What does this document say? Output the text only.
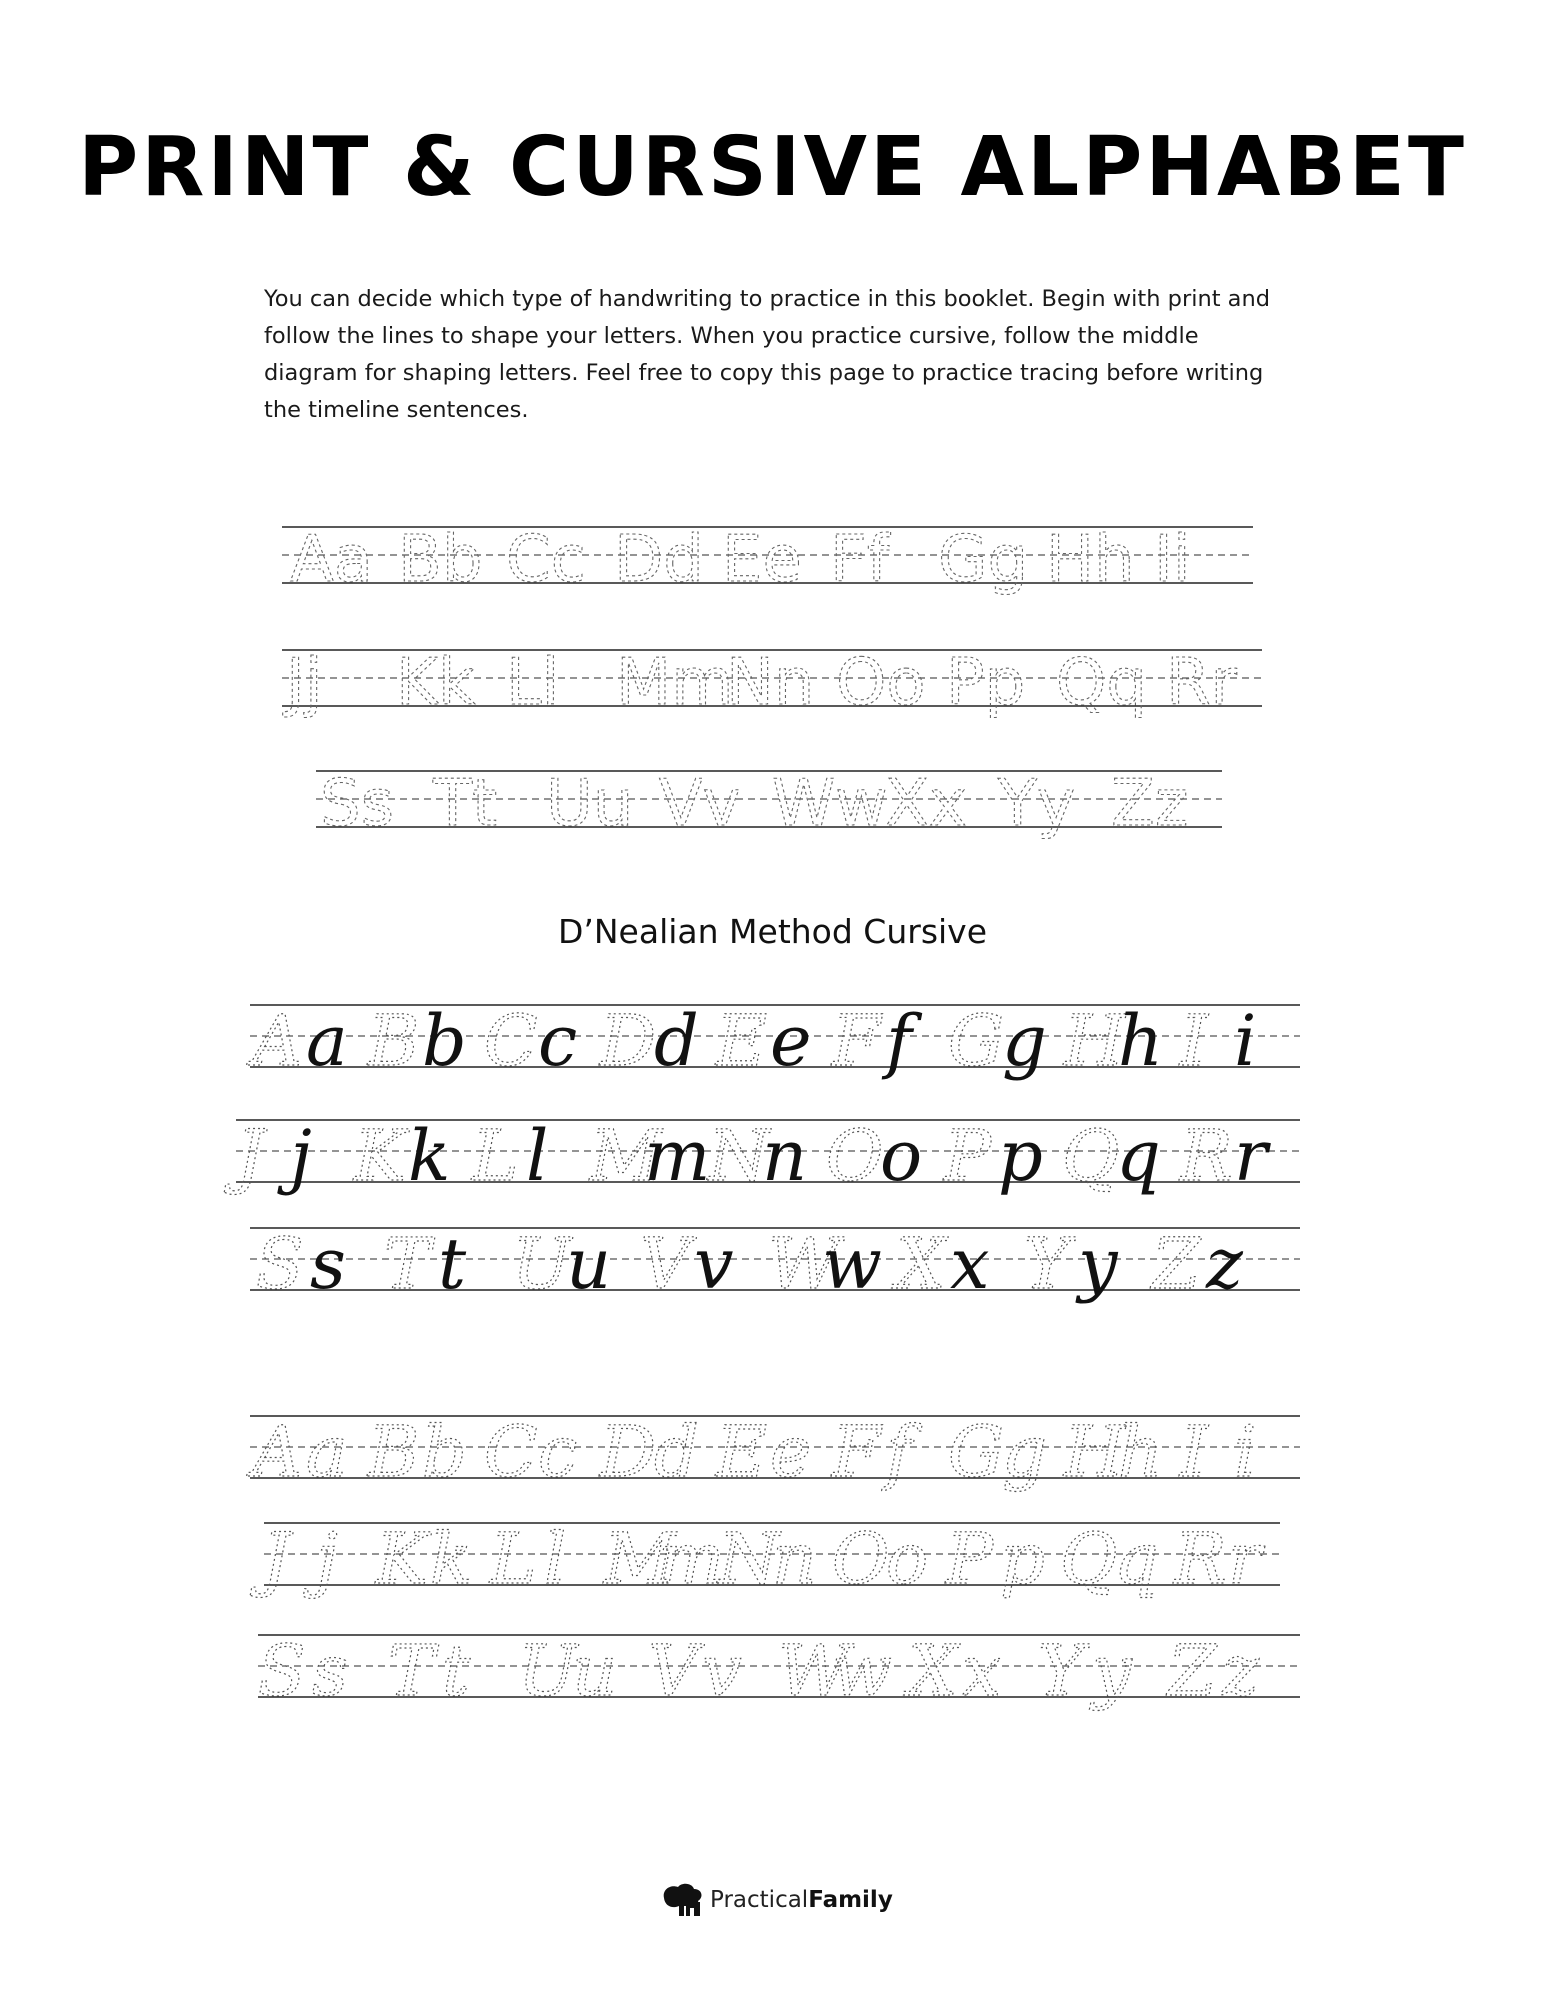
PRINT & CURSIVE ALPHABET
You can decide which type of handwriting to practice in this booklet. Begin with print and follow the lines to shape your letters. When you practice cursive, follow the middle diagram for shaping letters. Feel free to copy this page to practice tracing before writing the timeline sentences.
Aa Bb Cc Dd Ee Ff Gg Hh Ii
Jj Kk Ll Mm
Nn Oo Pp Qq Rr
Ss Tt Uu Vv Ww
Xx Yy Zz
A a B b C c D
d E e F f G
g H
h I i
J j K k L l M
m
N
n O
o P p Q
q R r
S s T t U
u V v W
w X x Y y Z z
A a B b C c D
d E e F f G
g H
h I i
J j K k L l M
m
N
n O
o P p Q
q R r
S s T t U
u V v W
w X x Y y Z z
D’Nealian Method Cursive
Practical Family
